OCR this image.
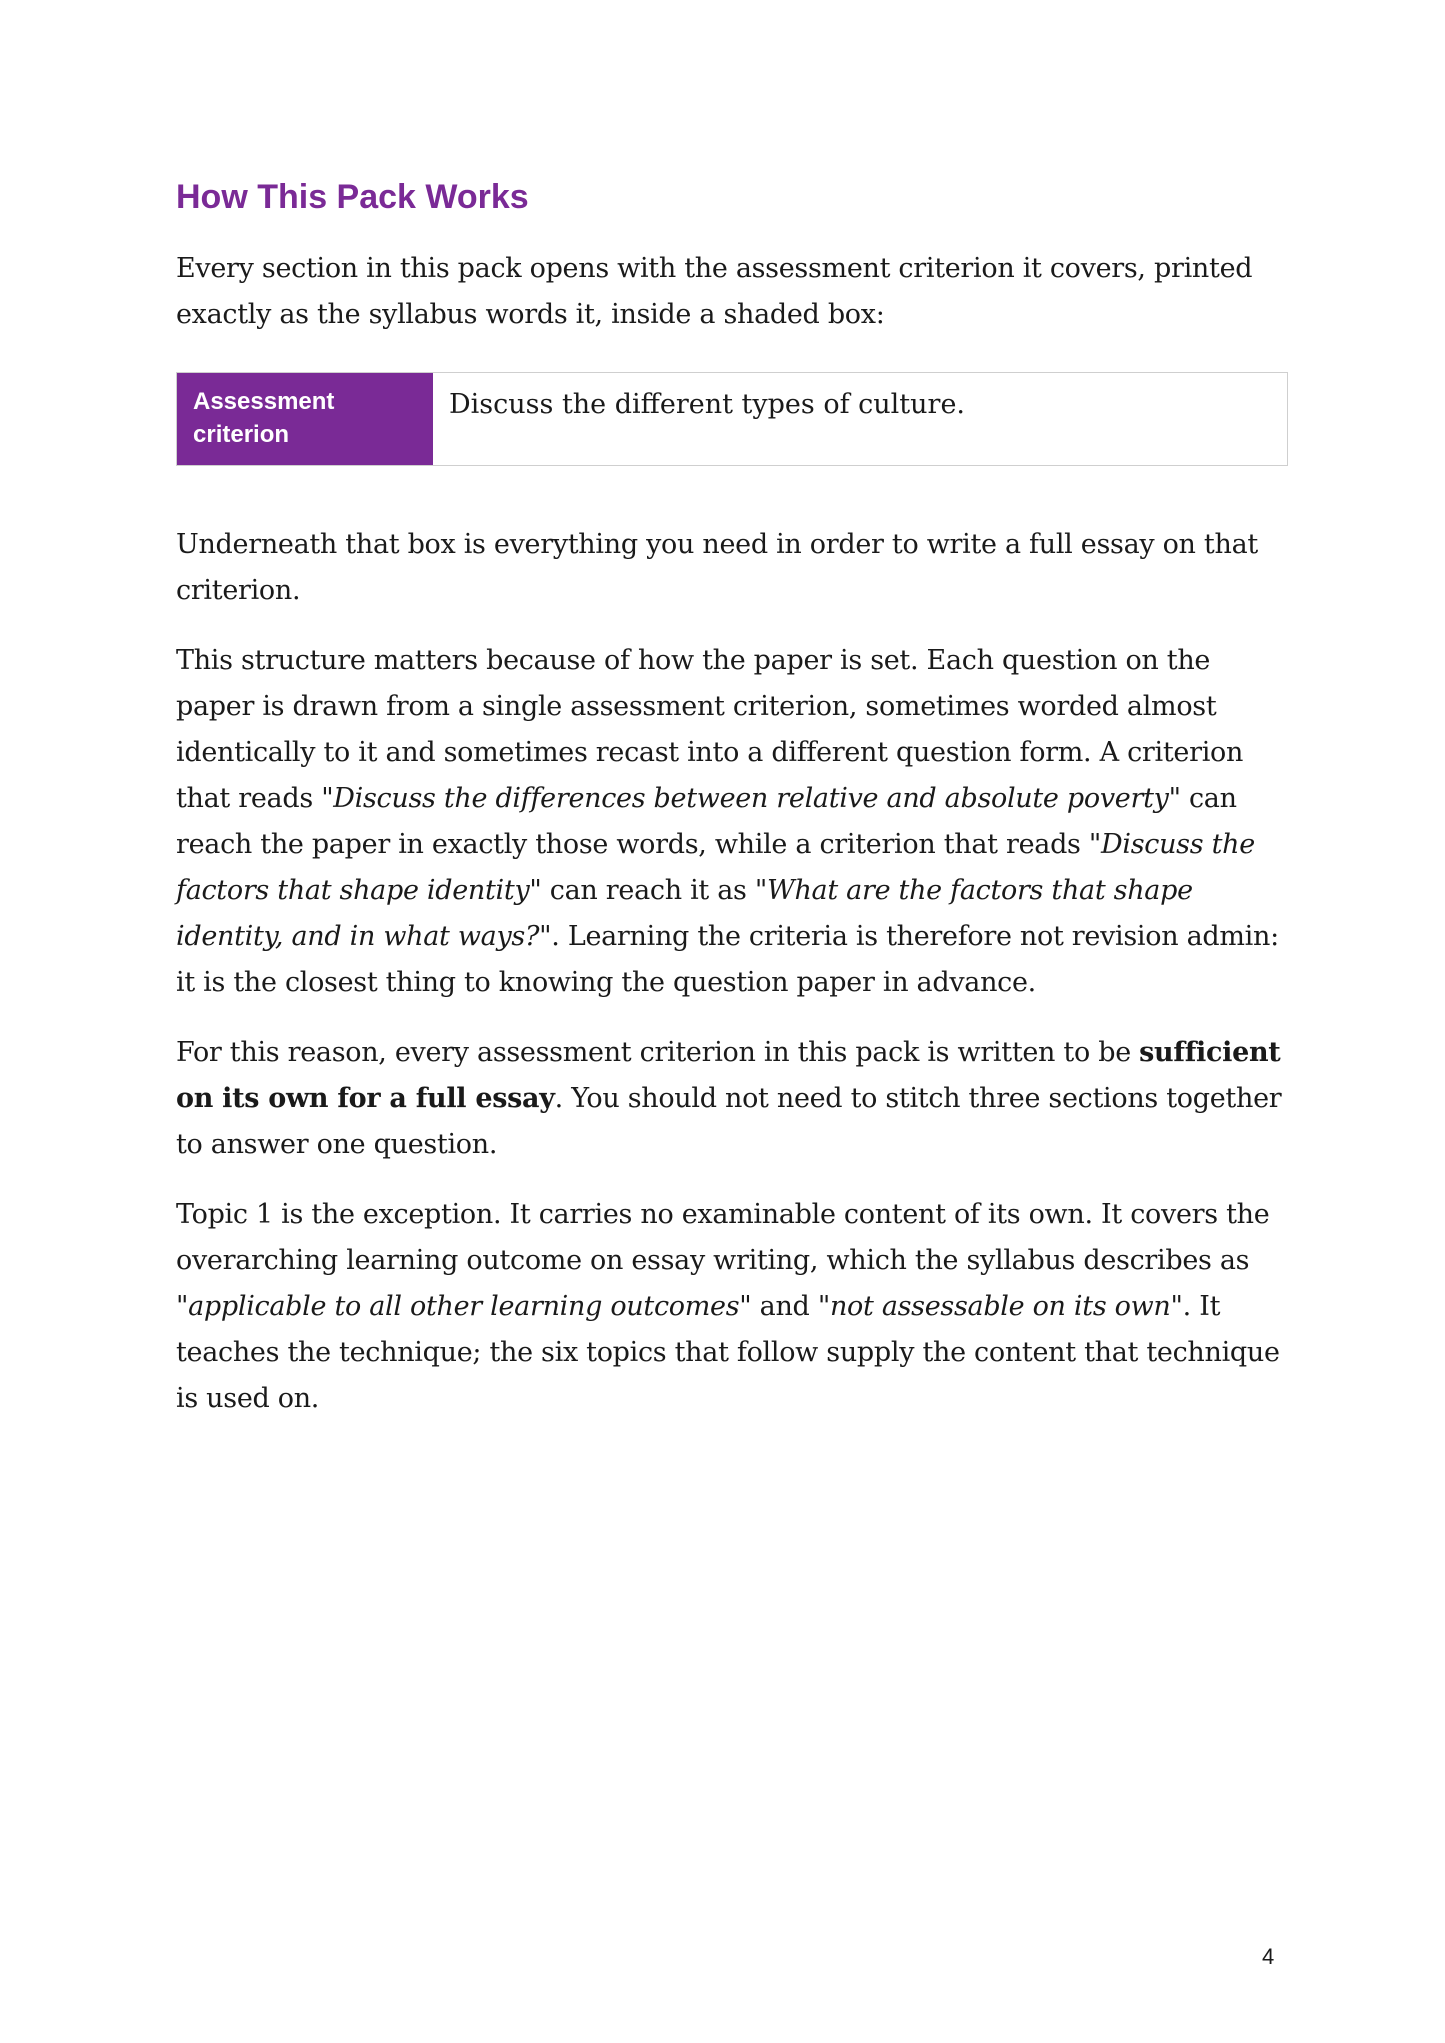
How This Pack Works

Every section in this pack opens with the assessment criterion it covers, printed exactly as the syllabus words it, inside a shaded box:

Assessment criterion
Discuss the different types of culture.

Underneath that box is everything you need in order to write a full essay on that criterion.

This structure matters because of how the paper is set. Each question on the paper is drawn from a single assessment criterion, sometimes worded almost identically to it and sometimes recast into a different question form. A criterion that reads "Discuss the differences between relative and absolute poverty" can reach the paper in exactly those words, while a criterion that reads "Discuss the factors that shape identity" can reach it as "What are the factors that shape identity, and in what ways?". Learning the criteria is therefore not revision admin: it is the closest thing to knowing the question paper in advance.

For this reason, every assessment criterion in this pack is written to be sufficient on its own for a full essay. You should not need to stitch three sections together to answer one question.

Topic 1 is the exception. It carries no examinable content of its own. It covers the overarching learning outcome on essay writing, which the syllabus describes as "applicable to all other learning outcomes" and "not assessable on its own". It teaches the technique; the six topics that follow supply the content that technique is used on.

4
